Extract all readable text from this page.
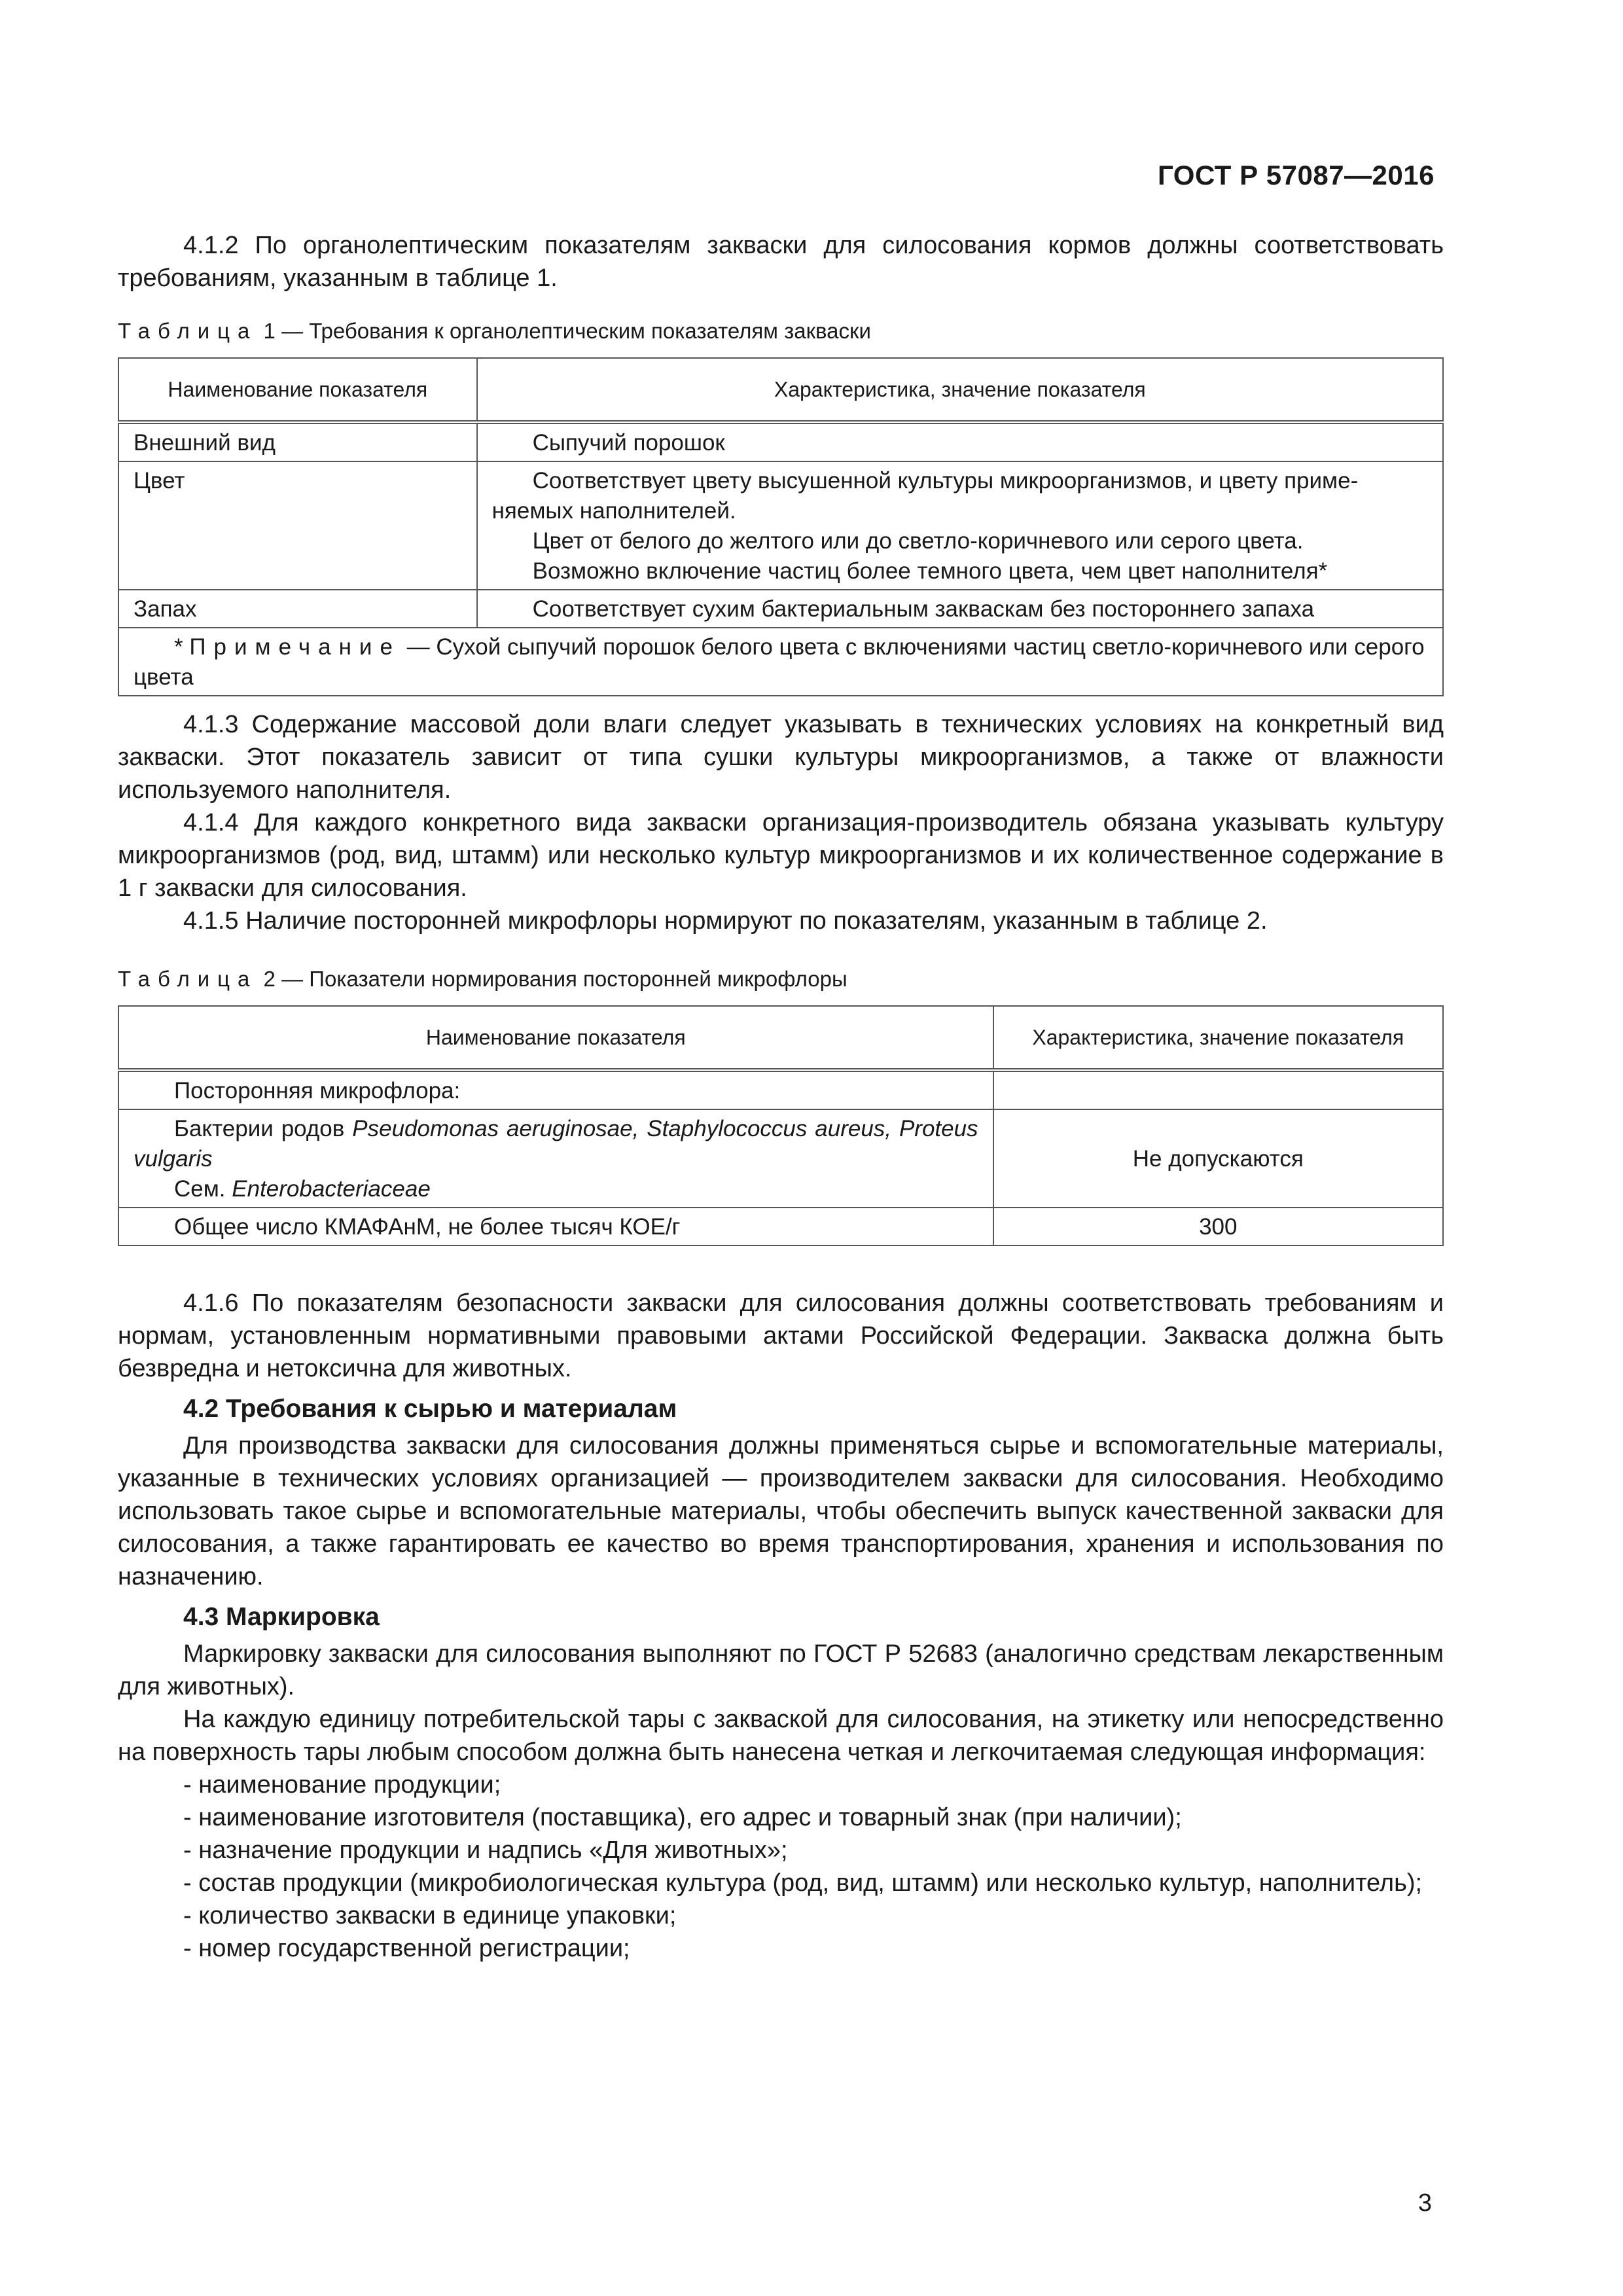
ГОСТ Р 57087—2016

4.1.2 По органолептическим показателям закваски для силосования кормов должны соответствовать требованиям, указанным в таблице 1.

Таблица 1 — Требования к органолептическим показателям закваски
Наименование показателя	Характеристика, значение показателя
Внешний вид	Сыпучий порошок

Цвет	Соответствует цвету высушенной культуры микроорганизмов, и цвету применяемых наполнителей.
Цвет от белого до желтого или до светло-коричневого или серого цвета.
Возможно включение частиц более темного цвета, чем цвет наполнителя*

Запах	Соответствует сухим бактериальным заквaскам без постороннего запаха

* Примечание — Сухой сыпучий порошок белого цвета с включениями частиц светло-коричневого или серого цвета	

4.1.3 Содержание массовой доли влаги следует указывать в технических условиях на конкретный вид закваски. Этот показатель зависит от типа сушки культуры микроорганизмов, а также от влажности используемого наполнителя.

4.1.4 Для каждого конкретного вида закваски организация-производитель обязана указывать культуру микроорганизмов (род, вид, штамм) или несколько культур микроорганизмов и их количественное содержание в 1 г закваски для силосования.

4.1.5 Наличие посторонней микрофлоры нормируют по показателям, указанным в таблице 2.

Таблица 2 — Показатели нормирования посторонней микрофлоры
Наименование показателя	Характеристика, значение показателя
Посторонняя микрофлора:	

Бактерии родов Pseudomonas aeruginosae, Staphylococcus aureus, Proteus vulgaris
Сем. Enterobacteriaceae	Не допускаются
Общее число КМАФАнМ, не более тысяч КОЕ/г	300

4.1.6 По показателям безопасности закваски для силосования должны соответствовать требованиям и нормам, установленным нормативными правовыми актами Российской Федерации. Закваска должна быть безвредна и нетоксична для животных.

4.2 Требования к сырью и материалам

Для производства закваски для силосования должны применяться сырье и вспомогательные материалы, указанные в технических условиях организацией — производителем закваски для силосования. Необходимо использовать такое сырье и вспомогательные материалы, чтобы обеспечить выпуск качественной закваски для силосования, а также гарантировать ее качество во время транспортирования, хранения и использования по назначению.

4.3 Маркировка

Маркировку закваски для силосования выполняют по ГОСТ Р 52683 (аналогично средствам лекарственным для животных).

На каждую единицу потребительской тары с закваской для силосования, на этикетку или непосредственно на поверхность тары любым способом должна быть нанесена четкая и легкочитаемая следующая информация:

- наименование продукции;
- наименование изготовителя (поставщика), его адрес и товарный знак (при наличии);
- назначение продукции и надпись «Для животных»;
- состав продукции (микробиологическая культура (род, вид, штамм) или несколько культур, наполнитель);
- количество закваски в единице упаковки;
- номер государственной регистрации;
3
